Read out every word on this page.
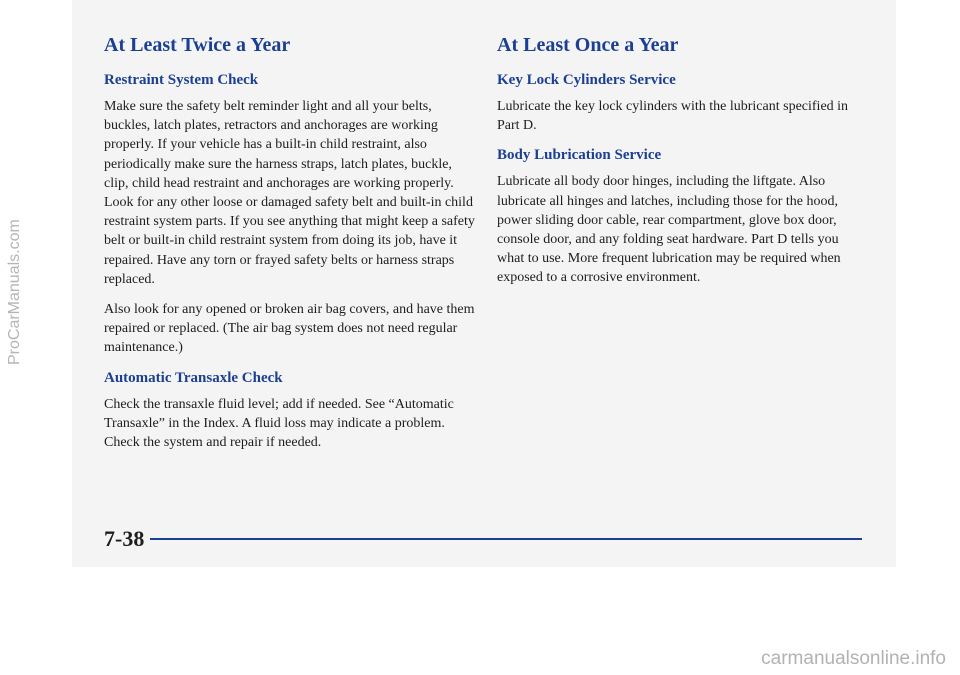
At Least Twice a Year
Restraint System Check

Make sure the safety belt reminder light and all your belts, buckles, latch plates, retractors and anchorages are working properly. If your vehicle has a built-in child restraint, also periodically make sure the harness straps, latch plates, buckle, clip, child head restraint and anchorages are working properly. Look for any other loose or damaged safety belt and built-in child restraint system parts. If you see anything that might keep a safety belt or built-in child restraint system from doing its job, have it repaired. Have any torn or frayed safety belts or harness straps replaced.

Also look for any opened or broken air bag covers, and have them repaired or replaced. (The air bag system does not need regular maintenance.)

Automatic Transaxle Check

Check the transaxle fluid level; add if needed. See “Automatic Transaxle” in the Index. A fluid loss may indicate a problem. Check the system and repair if needed.

At Least Once a Year
Key Lock Cylinders Service

Lubricate the key lock cylinders with the lubricant specified in Part D.

Body Lubrication Service

Lubricate all body door hinges, including the liftgate. Also lubricate all hinges and latches, including those for the hood, power sliding door cable, rear compartment, glove box door, console door, and any folding seat hardware. Part D tells you what to use. More frequent lubrication may be required when exposed to a corrosive environment.

7-38
ProCarManuals.com
carmanualsonline.info
